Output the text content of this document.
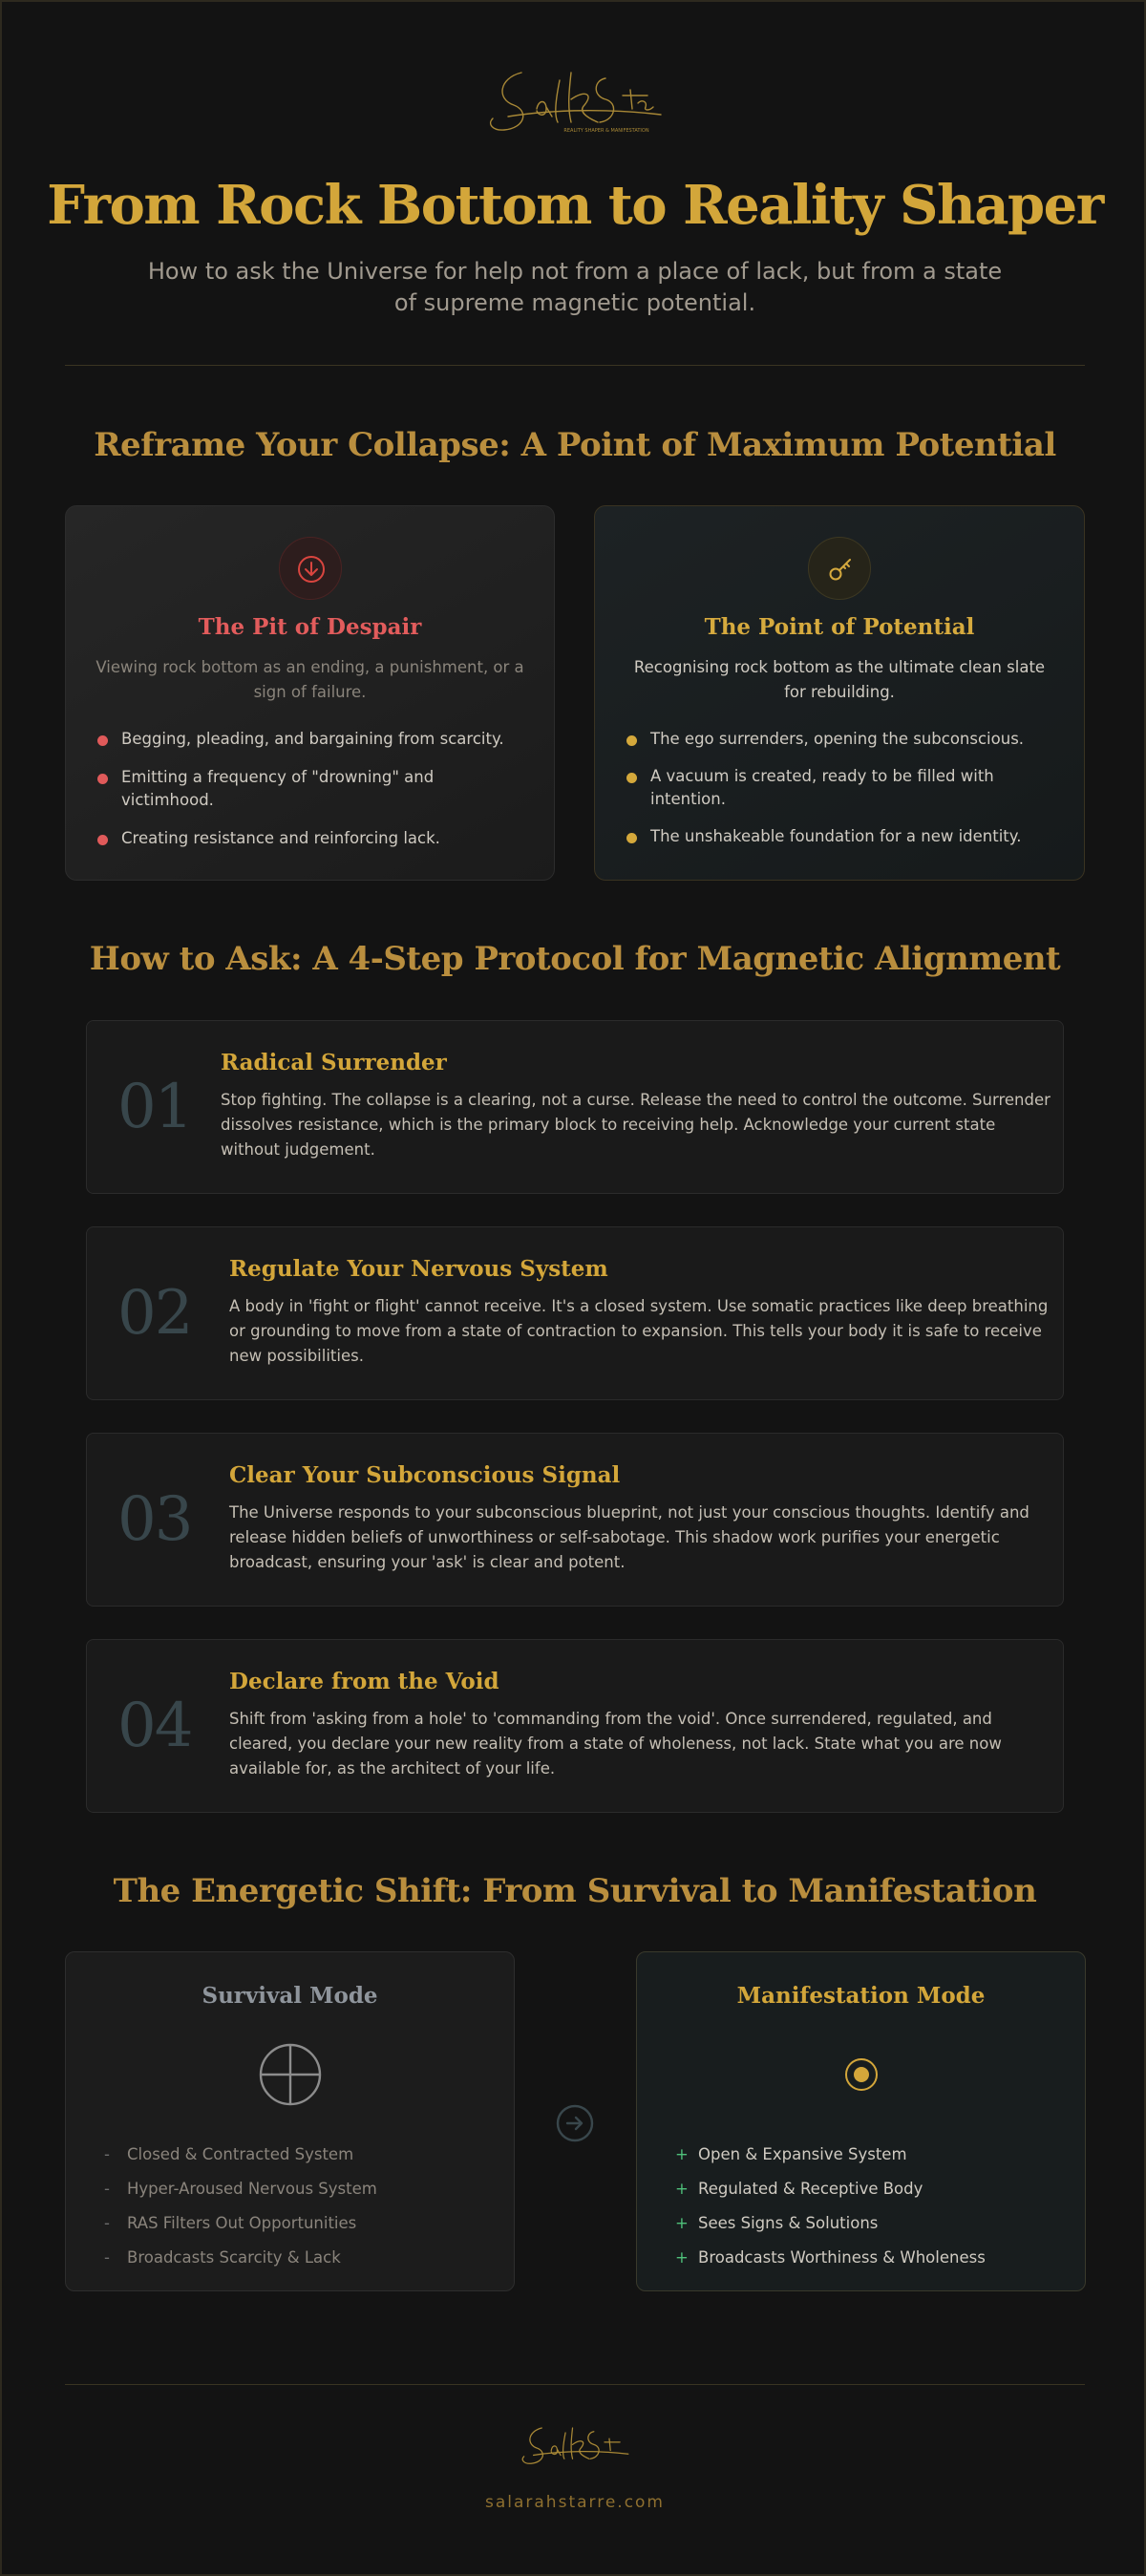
REALITY SHAPER & MANIFESTATION
From Rock Bottom to Reality Shaper

How to ask the Universe for help not from a place of lack, but from a state of supreme magnetic potential.

Reframe Your Collapse: A Point of Maximum Potential
The Pit of Despair

Viewing rock bottom as an ending, a punishment, or a sign of failure.

Begging, pleading, and bargaining from scarcity.
Emitting a frequency of "drowning" and victimhood.
Creating resistance and reinforcing lack.
The Point of Potential

Recognising rock bottom as the ultimate clean slate for rebuilding.

The ego surrenders, opening the subconscious.
A vacuum is created, ready to be filled with intention.
The unshakeable foundation for a new identity.
How to Ask: A 4-Step Protocol for Magnetic Alignment
01
Radical Surrender
Stop fighting. The collapse is a clearing, not a curse. Release the need to control the outcome. Surrender
dissolves resistance, which is the primary block to receiving help. Acknowledge your current state
without judgement.
02
Regulate Your Nervous System
A body in 'fight or flight' cannot receive. It's a closed system. Use somatic practices like deep breathing
or grounding to move from a state of contraction to expansion. This tells your body it is safe to receive
new possibilities.
03
Clear Your Subconscious Signal
The Universe responds to your subconscious blueprint, not just your conscious thoughts. Identify and
release hidden beliefs of unworthiness or self-sabotage. This shadow work purifies your energetic
broadcast, ensuring your 'ask' is clear and potent.
04
Declare from the Void
Shift from 'asking from a hole' to 'commanding from the void'. Once surrendered, regulated, and
cleared, you declare your new reality from a state of wholeness, not lack. State what you are now
available for, as the architect of your life.
The Energetic Shift: From Survival to Manifestation
Survival Mode
-	Closed & Contracted System
-	Hyper-Aroused Nervous System
-	RAS Filters Out Opportunities
-	Broadcasts Scarcity & Lack
Manifestation Mode
+ Open & Expansive System
+ Regulated & Receptive Body
+ Sees Signs & Solutions
+ Broadcasts Worthiness & Wholeness
salarahstarre.com
